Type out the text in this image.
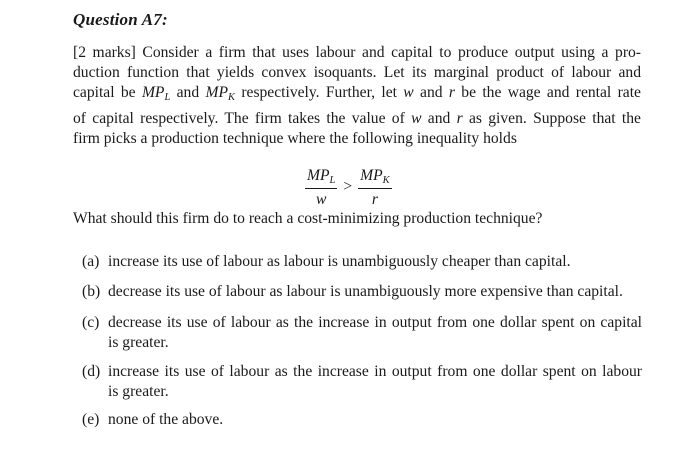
Question A7:
[2 marks] Consider a firm that uses labour and capital to produce output using a pro-
duction function that yields convex isoquants. Let its marginal product of labour and
capital be $MP_L$ and $MP_K$ respectively. Further, let w and r be the wage and rental rate
of capital respectively. The firm takes the value of w and r as given. Suppose that the
firm picks a production technique where the following inequality holds
$\frac{MP_L}{w} > \frac{MP_K}{r}$
What should this firm do to reach a cost-minimizing production technique?
(a) increase its use of labour as labour is unambiguously cheaper than capital.
(b) decrease its use of labour as labour is unambiguously more expensive than capital.
(c) decrease its use of labour as the increase in output from one dollar spent on capital
is greater.
(d) increase its use of labour as the increase in output from one dollar spent on labour
is greater.
(e) none of the above.
